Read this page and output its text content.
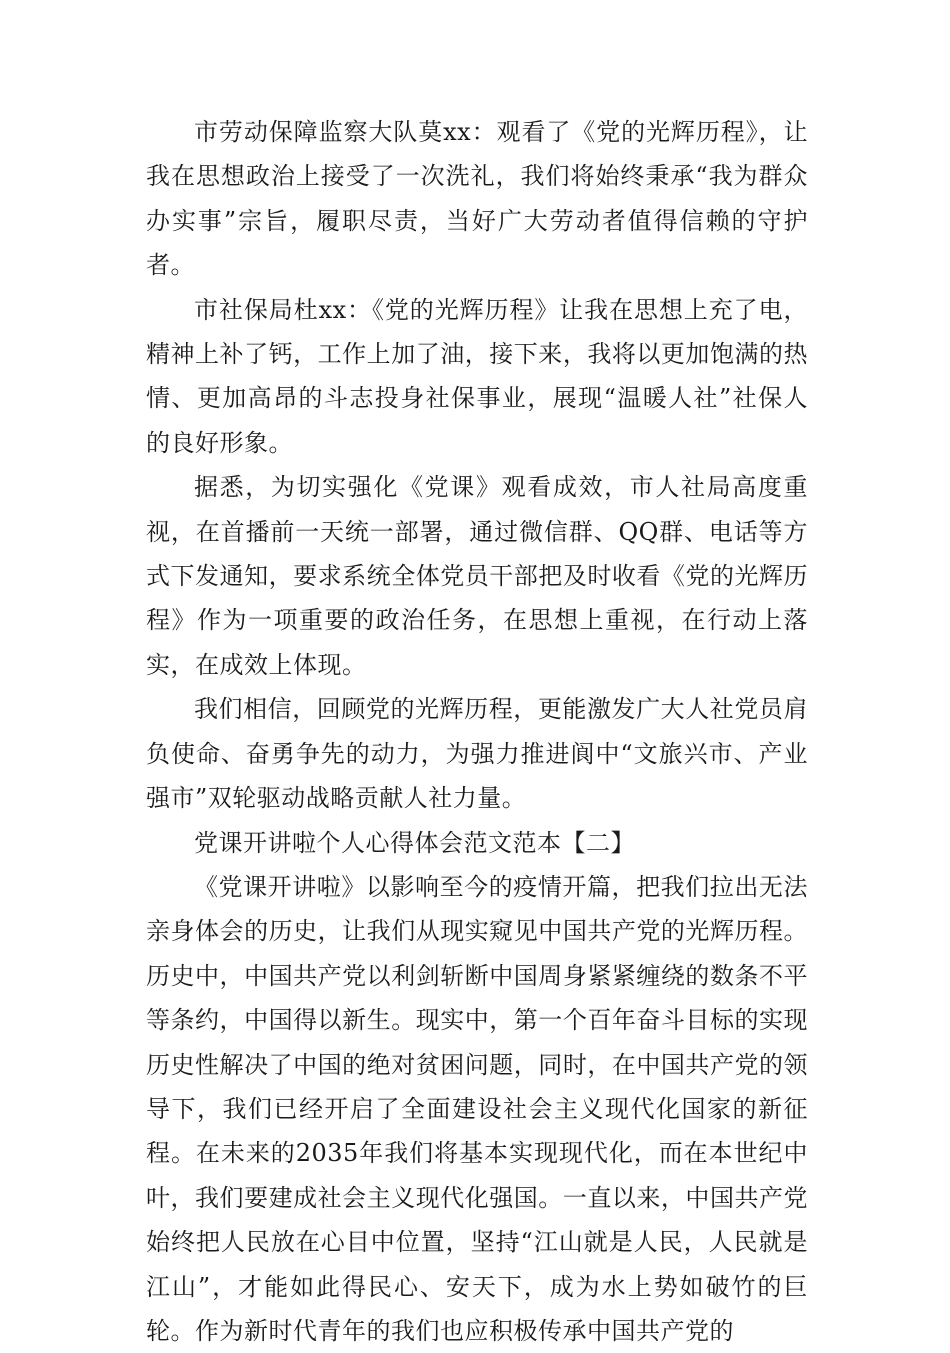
市劳动保障监察大队莫xx：观看了《党的光辉历程》，让我在思想政治上接受了一次洗礼，我们将始终秉承“我为群众办实事”宗旨，履职尽责，当好广大劳动者值得信赖的守护者。

市社保局杜xx：《党的光辉历程》让我在思想上充了电，精神上补了钙，工作上加了油，接下来，我将以更加饱满的热情、更加高昂的斗志投身社保事业，展现“温暖人社”社保人的良好形象。

据悉，为切实强化《党课》观看成效，市人社局高度重视，在首播前一天统一部署，通过微信群、QQ群、电话等方式下发通知，要求系统全体党员干部把及时收看《党的光辉历程》作为一项重要的政治任务，在思想上重视，在行动上落实，在成效上体现。

我们相信，回顾党的光辉历程，更能激发广大人社党员肩负使命、奋勇争先的动力，为强力推进阆中“文旅兴市、产业强市”双轮驱动战略贡献人社力量。

党课开讲啦个人心得体会范文范本【二】

《党课开讲啦》以影响至今的疫情开篇，把我们拉出无法亲身体会的历史，让我们从现实窥见中国共产党的光辉历程。历史中，中国共产党以利剑斩断中国周身紧紧缠绕的数条不平等条约，中国得以新生。现实中，第一个百年奋斗目标的实现历史性解决了中国的绝对贫困问题，同时，在中国共产党的领导下，我们已经开启了全面建设社会主义现代化国家的新征程。在未来的2035年我们将基本实现现代化，而在本世纪中叶，我们要建成社会主义现代化强国。一直以来，中国共产党始终把人民放在心目中位置，坚持“江山就是人民，人民就是江山”，才能如此得民心、安天下，成为水上势如破竹的巨轮。作为新时代青年的我们也应积极传承中国共产党的
